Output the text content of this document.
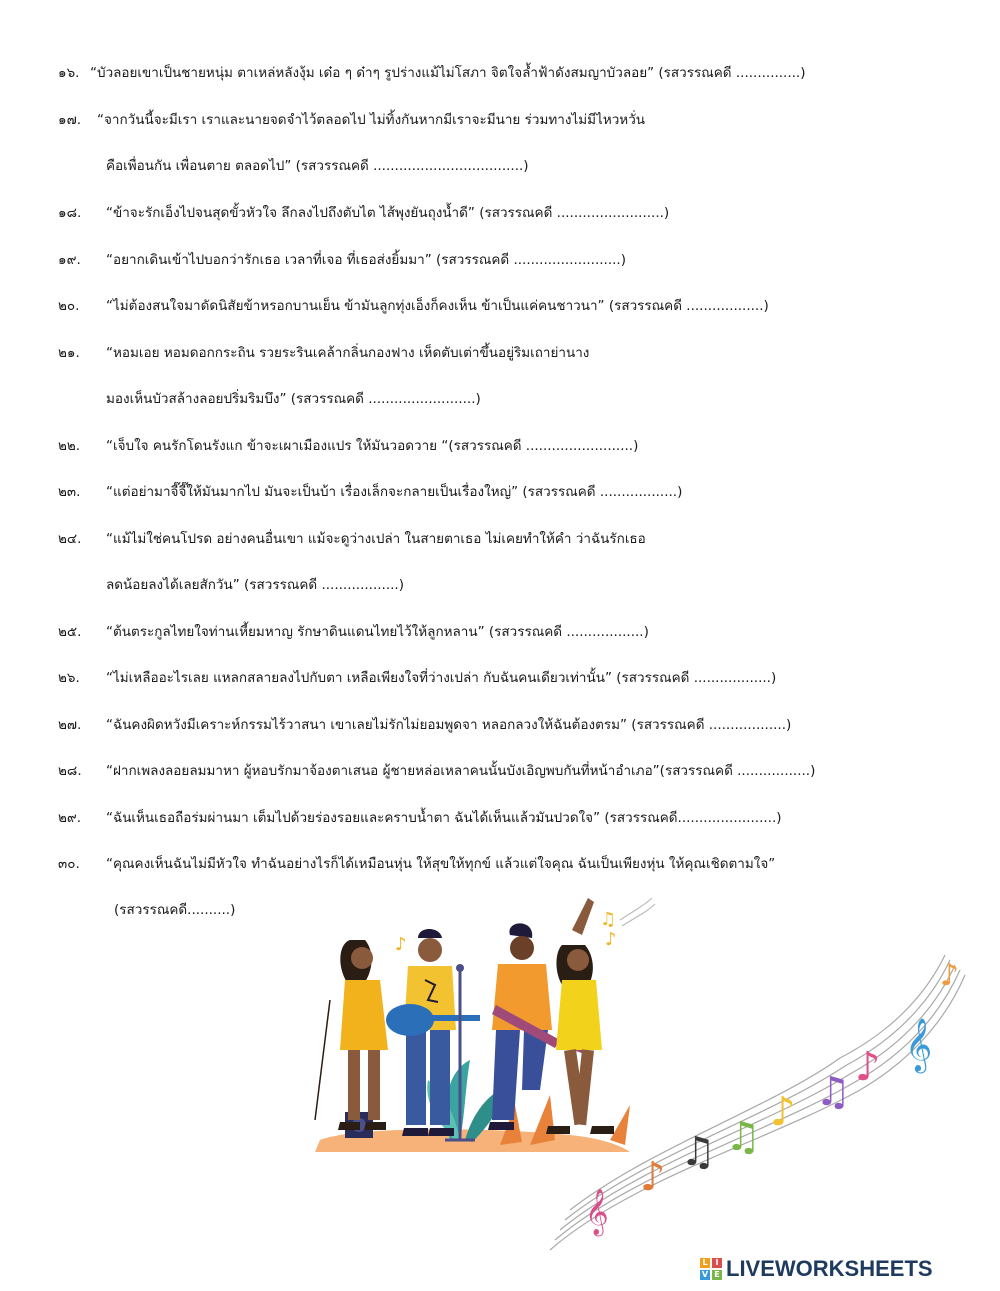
๑๖. “บัวลอยเขาเป็นชายหนุ่ม ตาเหล่หลังงุ้ม เด๋อ ๆ ด๋าๆ รูปร่างแม้ไม่โสภา จิตใจล้ำฟ้าดังสมญาบัวลอย” (รสวรรณคดี ...............)
๑๗. “จากวันนี้จะมีเรา เราและนายจดจำไว้ตลอดไป ไม่ทิ้งกันหากมีเราจะมีนาย ร่วมทางไม่มีไหวหวั่น
คือเพื่อนกัน เพื่อนตาย ตลอดไป” (รสวรรณคดี ...................................)
๑๘. “ข้าจะรักเอ็งไปจนสุดขั้วหัวใจ ลึกลงไปถึงตับไต ไส้พุงยันถุงน้ำดี” (รสวรรณคดี .........................)
๑๙. “อยากเดินเข้าไปบอกว่ารักเธอ เวลาที่เจอ ที่เธอส่งยิ้มมา” (รสวรรณคดี .........................)
๒๐. “ไม่ต้องสนใจมาดัดนิสัยข้าหรอกบานเย็น ข้ามันลูกทุ่งเอ็งก็คงเห็น ข้าเป็นแค่คนชาวนา” (รสวรรณคดี ..................)
๒๑. “หอมเอย หอมดอกกระถิน รวยระรินเคล้ากลิ่นกองฟาง เห็ดตับเต่าขึ้นอยู่ริมเถาย่านาง
มองเห็นบัวสล้างลอยปริ่มริมบึง” (รสวรรณคดี .........................)
๒๒. “เจ็บใจ คนรักโดนรังแก ข้าจะเผาเมืองแปร ให้มันวอดวาย “(รสวรรณคดี .........................)
๒๓. “แต่อย่ามาจี๊จี๊ให้มันมากไป มันจะเป็นบ้า เรื่องเล็กจะกลายเป็นเรื่องใหญ่” (รสวรรณคดี ..................)
๒๔. “แม้ไม่ใช่คนโปรด อย่างคนอื่นเขา แม้จะดูว่างเปล่า ในสายตาเธอ ไม่เคยทำให้คำ ว่าฉันรักเธอ
ลดน้อยลงได้เลยสักวัน” (รสวรรณคดี ..................)
๒๕. “ต้นตระกูลไทยใจท่านเหี้ยมหาญ รักษาดินแดนไทยไว้ให้ลูกหลาน” (รสวรรณคดี ..................)
๒๖. “ไม่เหลืออะไรเลย แหลกสลายลงไปกับตา เหลือเพียงใจที่ว่างเปล่า กับฉันคนเดียวเท่านั้น” (รสวรรณคดี ..................)
๒๗. “ฉันคงผิดหวังมีเคราะห์กรรมไร้วาสนา เขาเลยไม่รักไม่ยอมพูดจา หลอกลวงให้ฉันต้องตรม” (รสวรรณคดี ..................)
๒๘. “ฝากเพลงลอยลมมาหา ผู้หอบรักมาจ้องตาเสนอ ผู้ชายหล่อเหลาคนนั้นบังเอิญพบกันที่หน้าอำเภอ”(รสวรรณคดี .................)
๒๙. “ฉันเห็นเธอถือร่มผ่านมา เต็มไปด้วยร่องรอยและคราบน้ำตา ฉันได้เห็นแล้วมันปวดใจ” (รสวรรณคดี.......................)
๓๐. “คุณคงเห็นฉันไม่มีหัวใจ ทำฉันอย่างไรก็ได้เหมือนหุ่น ให้สุขให้ทุกข์ แล้วแต่ใจคุณ ฉันเป็นเพียงหุ่น ให้คุณเชิดตามใจ”
(รสวรรณคดี..........)
𝄞
𝄞
♪
♫ ♫
♪ ♫
♪
♪
♪
♫
♪
L I
V E LIVEWORKSHEETS
